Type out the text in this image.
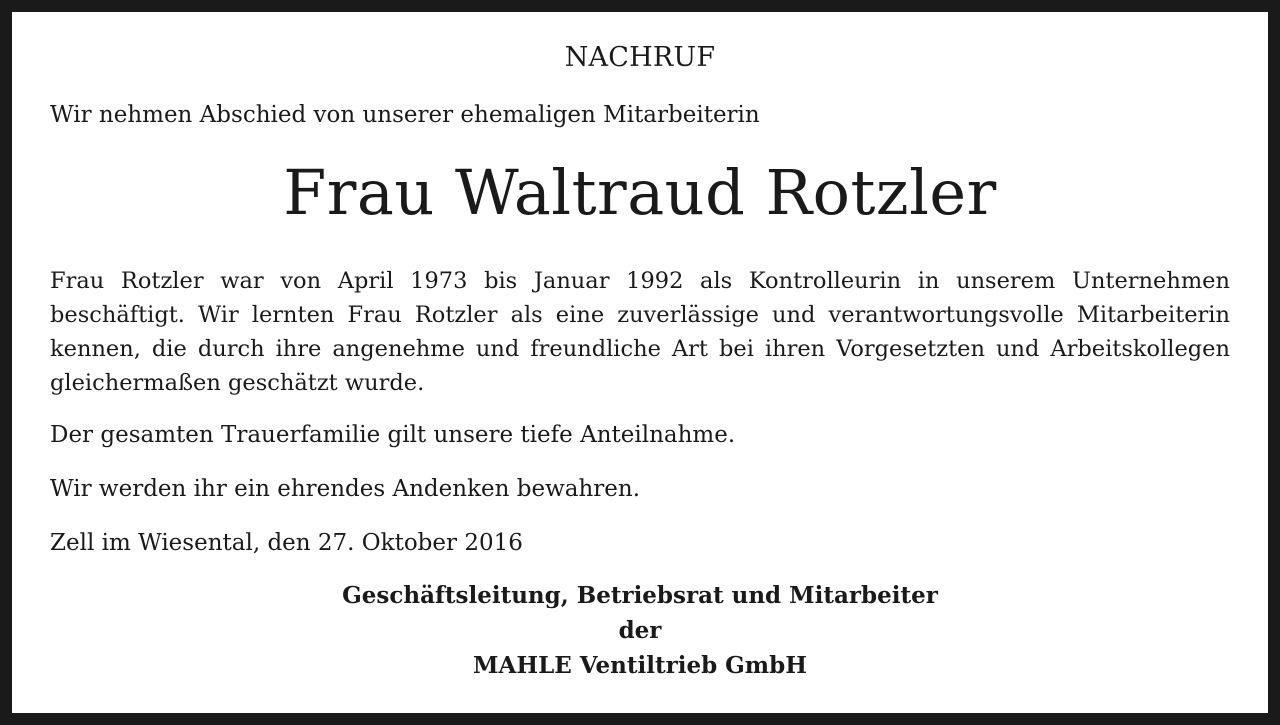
NACHRUF
Wir nehmen Abschied von unserer ehemaligen Mitarbeiterin
Frau Waltraud Rotzler

Frau Rotzler war von April 1973 bis Januar 1992 als Kontrolleurin in unserem Unternehmen beschäftigt. Wir lernten Frau Rotzler als eine zuverlässige und verantwortungsvolle Mitarbeiterin kennen, die durch ihre angenehme und freundliche Art bei ihren Vorgesetzten und Arbeitskollegen gleichermaßen geschätzt wurde.

Der gesamten Trauerfamilie gilt unsere tiefe Anteilnahme.
Wir werden ihr ein ehrendes Andenken bewahren.
Zell im Wiesental, den 27. Oktober 2016
Geschäftsleitung, Betriebsrat und Mitarbeiter
der
MAHLE Ventiltrieb GmbH
